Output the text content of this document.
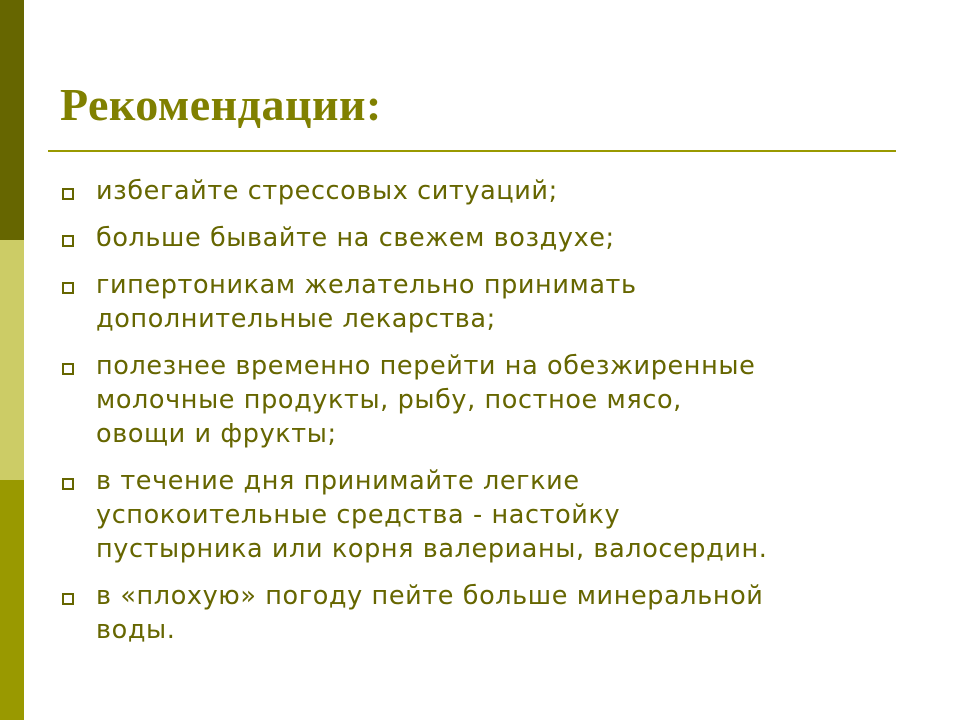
Рекомендации:
избегайте стрессовых ситуаций;
больше бывайте на свежем воздухе;
гипертоникам желательно принимать
дополнительные лекарства;
полезнее временно перейти на обезжиренные
молочные продукты, рыбу, постное мясо,
овощи и фрукты;
в течение дня принимайте легкие
успокоительные средства - настойку
пустырника или корня валерианы, валосердин.
в «плохую» погоду пейте больше минеральной
воды.
